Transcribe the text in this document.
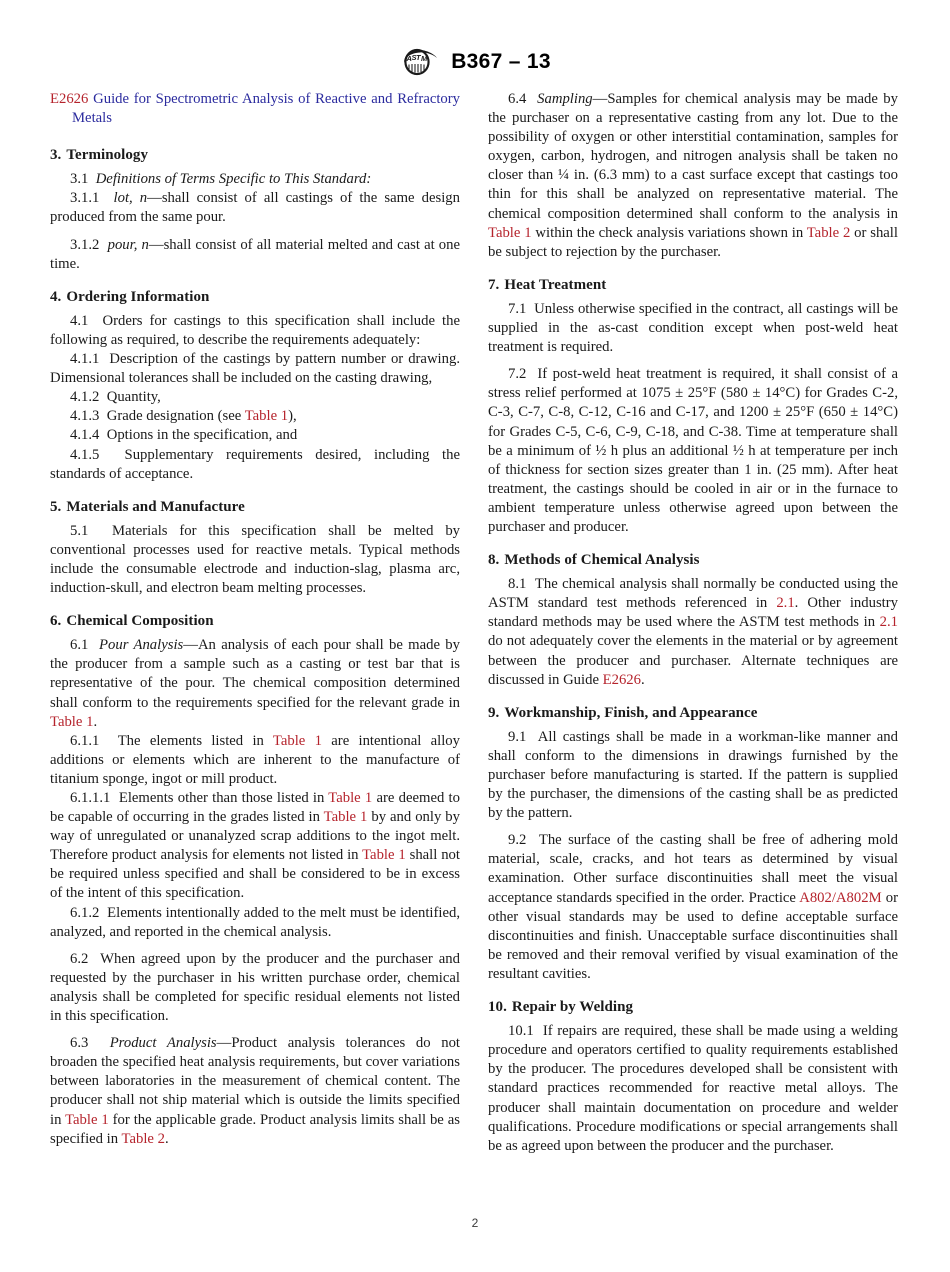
A S T M B367 – 13
E2626 Guide for Spectrometric Analysis of Reactive and Refractory Metals
3. Terminology

3.1 Definitions of Terms Specific to This Standard:

3.1.1 lot, n—shall consist of all castings of the same design produced from the same pour.

3.1.2 pour, n—shall consist of all material melted and cast at one time.

4. Ordering Information

4.1 Orders for castings to this specification shall include the following as required, to describe the requirements adequately:

4.1.1 Description of the castings by pattern number or drawing. Dimensional tolerances shall be included on the casting drawing,

4.1.2 Quantity,

4.1.3 Grade designation (see Table 1),

4.1.4 Options in the specification, and

4.1.5 Supplementary requirements desired, including the standards of acceptance.

5. Materials and Manufacture

5.1 Materials for this specification shall be melted by conventional processes used for reactive metals. Typical methods include the consumable electrode and induction-slag, plasma arc, induction-skull, and electron beam melting processes.

6. Chemical Composition

6.1 Pour Analysis—An analysis of each pour shall be made by the producer from a sample such as a casting or test bar that is representative of the pour. The chemical composition determined shall conform to the requirements specified for the relevant grade in Table 1.

6.1.1  The elements listed in Table 1 are intentional alloy additions or elements which are inherent to the manufacture of titanium sponge, ingot or mill product.

6.1.1.1  Elements other than those listed in Table 1 are deemed to be capable of occurring in the grades listed in Table 1 by and only by way of unregulated or unanalyzed scrap additions to the ingot melt. Therefore product analysis for elements not listed in Table 1 shall not be required unless specified and shall be considered to be in excess of the intent of this specification.

6.1.2 Elements intentionally added to the melt must be identified, analyzed, and reported in the chemical analysis.

6.2 When agreed upon by the producer and the purchaser and requested by the purchaser in his written purchase order, chemical analysis shall be completed for specific residual elements not listed in this specification.

6.3 Product Analysis—Product analysis tolerances do not broaden the specified heat analysis requirements, but cover variations between laboratories in the measurement of chemical content. The producer shall not ship material which is outside the limits specified in Table 1 for the applicable grade. Product analysis limits shall be as specified in Table 2.

6.4 Sampling—Samples for chemical analysis may be made by the purchaser on a representative casting from any lot. Due to the possibility of oxygen or other interstitial contamination, samples for oxygen, carbon, hydrogen, and nitrogen analysis shall be taken no closer than ¼ in. (6.3 mm) to a cast surface except that castings too thin for this shall be analyzed on representative material. The chemical composition determined shall conform to the analysis in Table 1 within the check analysis variations shown in Table 2 or shall be subject to rejection by the purchaser.

7. Heat Treatment

7.1 Unless otherwise specified in the contract, all castings will be supplied in the as-cast condition except when post-weld heat treatment is required.

7.2 If post-weld heat treatment is required, it shall consist of a stress relief performed at 1075 ± 25°F (580 ± 14°C) for Grades C-2, C-3, C-7, C-8, C-12, C-16 and C-17, and 1200 ± 25°F (650 ± 14°C) for Grades C-5, C-6, C-9, C-18, and C-38. Time at temperature shall be a minimum of ½ h plus an additional ½ h at temperature per inch of thickness for section sizes greater than 1 in. (25 mm). After heat treatment, the castings should be cooled in air or in the furnace to ambient temperature unless otherwise agreed upon between the purchaser and producer.

8. Methods of Chemical Analysis

8.1  The chemical analysis shall normally be conducted using the ASTM standard test methods referenced in 2.1. Other industry standard methods may be used where the ASTM test methods in 2.1 do not adequately cover the elements in the material or by agreement between the producer and purchaser. Alternate techniques are discussed in Guide E2626.

9. Workmanship, Finish, and Appearance

9.1 All castings shall be made in a workman-like manner and shall conform to the dimensions in drawings furnished by the purchaser before manufacturing is started. If the pattern is supplied by the purchaser, the dimensions of the casting shall be as predicted by the pattern.

9.2  The surface of the casting shall be free of adhering mold material, scale, cracks, and hot tears as determined by visual examination. Other surface discontinuities shall meet the visual acceptance standards specified in the order. Practice A802/A802M or other visual standards may be used to define acceptable surface discontinuities and finish. Unacceptable surface discontinuities shall be removed and their removal verified by visual examination of the resultant cavities.

10. Repair by Welding

10.1 If repairs are required, these shall be made using a welding procedure and operators certified to quality requirements established by the producer. The procedures developed shall be consistent with standard practices recommended for reactive metal alloys. The producer shall maintain documentation on procedure and welder qualifications. Procedure modifications or special arrangements shall be as agreed upon between the producer and the purchaser.

2
